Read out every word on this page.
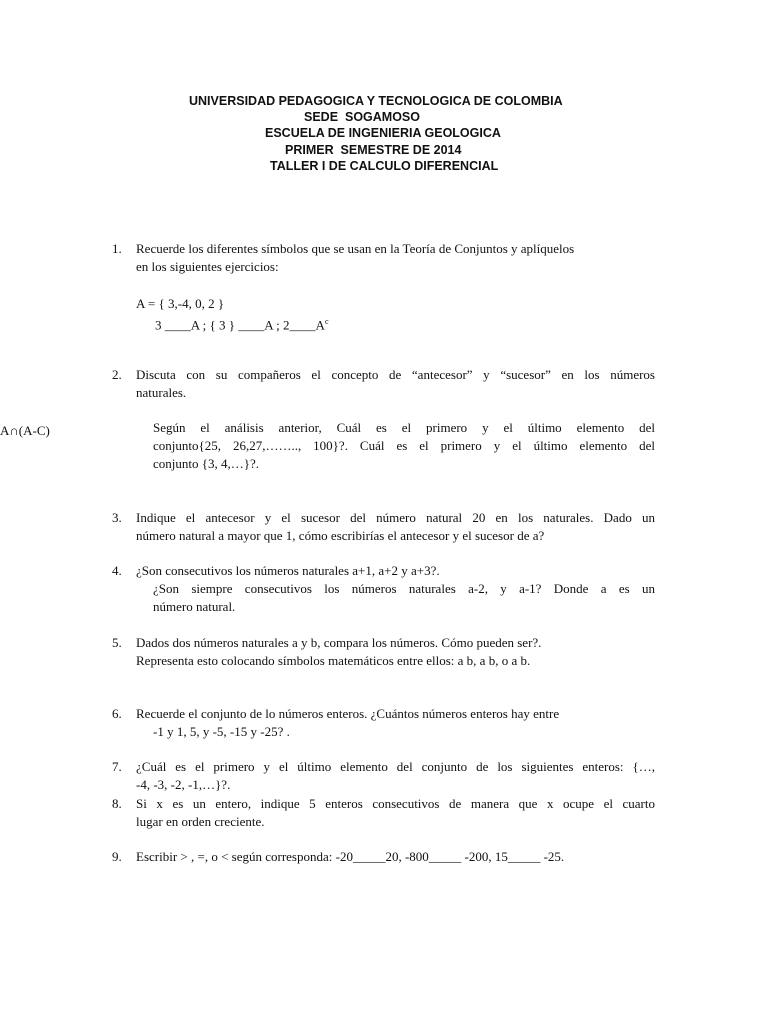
UNIVERSIDAD PEDAGOGICA Y TECNOLOGICA DE COLOMBIA
SEDE  SOGAMOSO
ESCUELA DE INGENIERIA GEOLOGICA
PRIMER  SEMESTRE DE 2014
TALLER I DE CALCULO DIFERENCIAL
A∩(A-C)
1. Recuerde los diferentes símbolos que se usan en la Teoría de Conjuntos y aplíquelos
en los siguientes ejercicios:
A = { 3,-4, 0, 2 }
3 ____A ; { 3 } ____A ; $2\_\_\_\_A^c$
2. Discuta con su compañeros el concepto de “antecesor” y “sucesor” en los números
naturales.
Según el análisis anterior, Cuál es el primero y el último elemento del
conjunto{25, 26,27,…….., 100}?. Cuál es el primero y el último elemento del
conjunto {3, 4,…}?.
3. Indique el antecesor y el sucesor del número natural 20 en los naturales. Dado un
número natural a mayor que 1, cómo escribirías el antecesor y el sucesor de a?
4. ¿Son consecutivos los números naturales a+1, a+2 y a+3?.
¿Son siempre consecutivos los números naturales a-2, y a-1? Donde a es un
número natural.
5. Dados dos números naturales a y b, compara los números. Cómo pueden ser?.
Representa esto colocando símbolos matemáticos entre ellos: a b, a b, o a b.
6. Recuerde el conjunto de lo números enteros. ¿Cuántos números enteros hay entre
-1 y 1, 5, y -5, -15 y -25? .
7. ¿Cuál es el primero y el último elemento del conjunto de los siguientes enteros: {…,
-4, -3, -2, -1,…}?.
8. Si x es un entero, indique 5 enteros consecutivos de manera que x ocupe el cuarto
lugar en orden creciente.
9. Escribir > , =, o < según corresponda: -20_____20, -800_____ -200, 15_____ -25.
